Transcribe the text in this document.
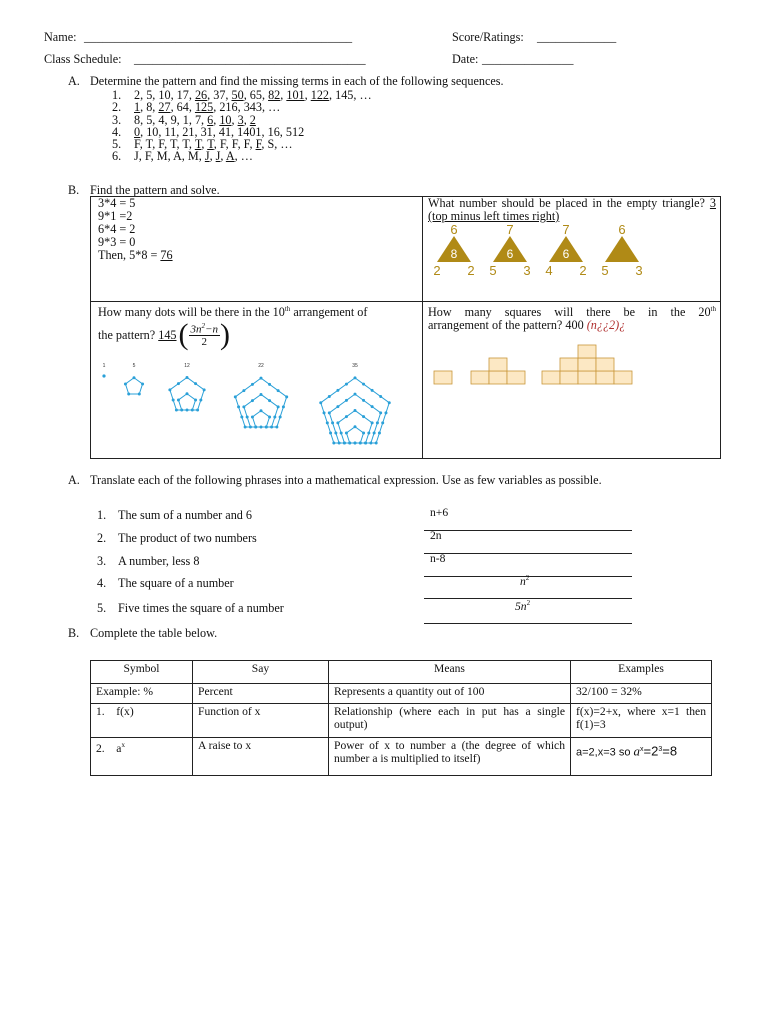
Name: ____________________________________________	Score/Ratings: _____________
Class Schedule: ______________________________________	Date: _______________
A. Determine the pattern and find the missing terms in each of the following sequences.
1. 2, 5, 10, 17, 26, 37, 50, 65, 82, 101, 122, 145, …
2. 1, 8, 27, 64, 125, 216, 343, …
3. 8, 5, 4, 9, 1, 7, 6, 10, 3, 2
4. 0, 10, 11, 21, 31, 41, 1401, 16, 512
5. F, T, F, T, T, T, T, F, F, F, F, S, …
6. J, F, M, A, M, J, J, A, …
B. Find the pattern and solve.
3*4 = 5
9*1 =2
6*4 = 2
9*3 = 0
Then, 5*8 = 76
What number should be placed in the empty triangle? 3 (top minus left times right)
6
8
2 2
7
6
5 3
7
6
4 2
6
5 3
How many dots will be there in the 10th arrangement of
the pattern?
145 ( $\frac{3n^2-n}{2}$ )
1	5	12	22	35
How many squares will there be in the 20th
arrangement of the pattern? 400 (n¿¿2)¿
A. Translate each of the following phrases into a mathematical expression. Use as few variables as possible.
1. The sum of a number and 6	n+6
2. The product of two numbers	2n
3. A number, less 8	n-8
4. The square of a number	$n^2$
5. Five times the square of a number	$5n^2$
B. Complete the table below.
Symbol	Say	Means	Examples
Example: %	Percent	Represents a quantity out of 100	32/100 = 32%
1. f(x)	Function of x	Relationship (where each in put has a single output)	f(x)=2+x, where x=1 then f(1)=3
2. $a^x$	A raise to x	Power of x to number a (the degree of which number a is multiplied to itself)	a=2,x=3 so $a^x=2^3=8$
